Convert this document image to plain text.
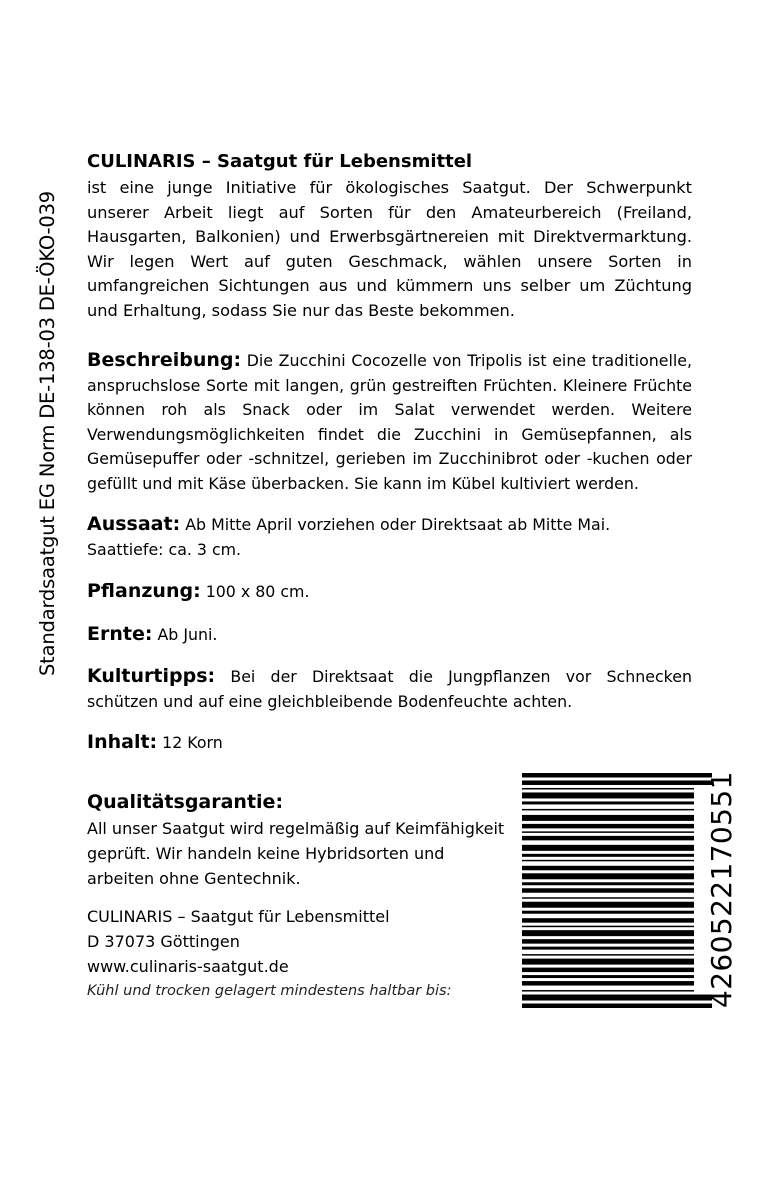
Standardsaatgut EG Norm DE-138-03 DE-ÖKO-039

CULINARIS – Saatgut für Lebensmittel

ist eine junge Initiative für ökologisches Saatgut. Der Schwerpunkt unserer Arbeit liegt auf Sorten für den Amateurbereich (Freiland, Hausgarten, Balkonien) und Erwerbsgärtnereien mit Direktvermarktung. Wir legen Wert auf guten Geschmack, wählen unsere Sorten in umfangreichen Sichtungen aus und kümmern uns selber um Züchtung und Erhaltung, sodass Sie nur das Beste bekommen.

Beschreibung: Die Zucchini Cocozelle von Tripolis ist eine traditionelle, anspruchslose Sorte mit langen, grün gestreiften Früchten. Kleinere Früchte können roh als Snack oder im Salat verwendet werden. Weitere Verwendungsmöglichkeiten findet die Zucchini in Gemüsepfannen, als Gemüsepuffer oder -schnitzel, gerieben im Zucchinibrot oder -kuchen oder gefüllt und mit Käse überbacken. Sie kann im Kübel kultiviert werden.

Aussaat: Ab Mitte April vorziehen oder Direktsaat ab Mitte Mai.
Saattiefe: ca. 3 cm.

Pflanzung: 100 x 80 cm.

Ernte: Ab Juni.

Kulturtipps: Bei der Direktsaat die Jungpflanzen vor Schnecken schützen und auf eine gleichbleibende Bodenfeuchte achten.

Inhalt: 12 Korn

Qualitätsgarantie:

All unser Saatgut wird regelmäßig auf Keimfähigkeit geprüft. Wir handeln keine Hybridsorten und arbeiten ohne Gentechnik.

CULINARIS – Saatgut für Lebensmittel
D 37073 Göttingen
www.culinaris-saatgut.de

Kühl und trocken gelagert mindestens haltbar bis:	4260522170551
